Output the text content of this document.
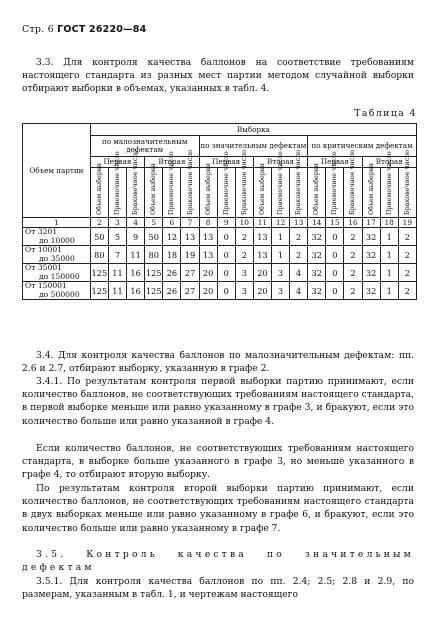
Стр. 6 ГОСТ 26220—84
3.3. Для контроля качества баллонов на соответствие требованиям настоящего стандарта из разных мест партии методом случайной выборки отбирают выборки в объемах, указанных в табл. 4.
Таблица 4
Объем партии	Выборка																	
	по малозначительным дефектам						по значительным дефектам						по критическим дефектам					
	Первая			Вторая			Первая			Вторая			Первая			Вторая		
	Объем выборки	Приемочное число	Браковочное число	Объем выборки	Приемочное число	Браковочное число	Объем выборки	Приемочное число	Браковочное число	Объем выборки	Приемочное число	Браковочное число	Объем выборки	Приемочное число	Браковочное число	Объем выборки	Приемочное число	Браковочное число
1	2	3	4	5	6	7	8	9	10	11	12	13	14	15	16	17	18	19

От 3201
до 10000	50	5	9	50	12	13	13	0	2	13	1	2	32	0	2	32	1	2

От 10001
до 35000	80	7	11	80	18	19	13	0	2	13	1	2	32	0	2	32	1	2

От 35001
до 150000	125	11	16	125	26	27	20	0	3	20	3	4	32	0	2	32	1	2

От 150001
до 500000	125	11	16	125	26	27	20	0	3	20	3	4	32	0	2	32	1	2
3.4. Для контроля качества баллонов по малозначительным дефектам: пп. 2.6 и 2.7, отбирают выборку, указанную в графе 2.
3.4.1. По результатам контроля первой выборки партию принимают, если количество баллонов, не соответствующих требованиям настоящего стандарта, в первой выборке меньше или равно указанному в графе 3, и бракуют, если это количество больше или равно указанной в графе 4.
Если количество баллонов, не соответствующих требованиям настоящего стандарта, в выборке больше указанного в графе 3, но меньше указанного в графе 4, то отбирают вторую выборку.
По результатам контроля второй выборки партию принимают, если количество баллонов, не соответствующих требованиям настоящего стандарта в двух выборках меньше или равно указанному в графе 6, и бракуют, если это количество больше или равно указанному в графе 7.
3.5. Контроль качества по значительным дефектам
3.5.1. Для контроля качества баллонов по пп. 2.4; 2.5; 2.8 и 2.9, по размерам, указанным в табл. 1, и чертежам настоящего
